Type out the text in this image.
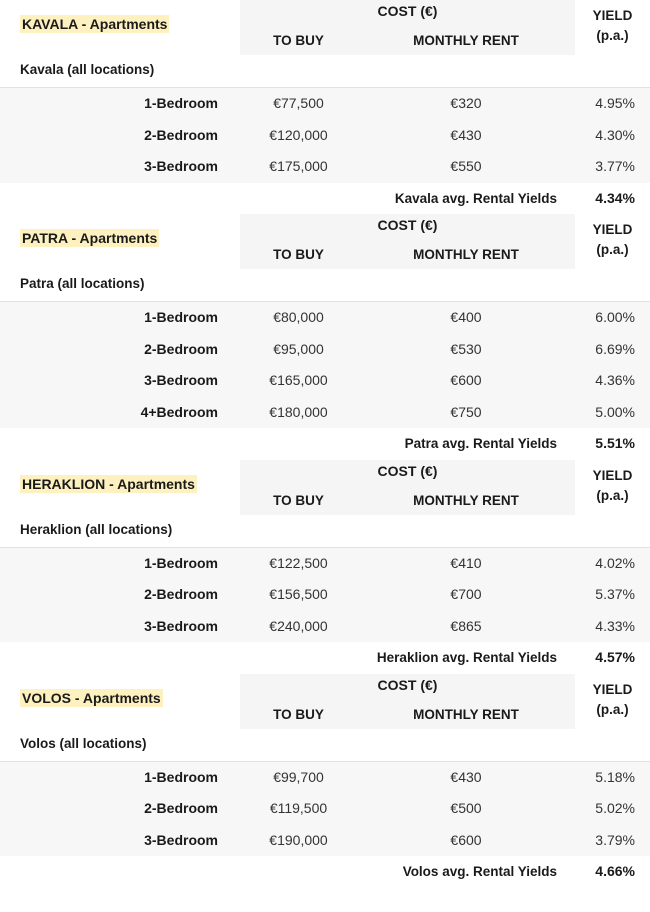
KAVALA - Apartments
COST (€)
TO BUY	MONTHLY RENT
YIELD
(p.a.)
Kavala (all locations)
1-Bedroom	€77,500	€320	4.95%
2-Bedroom	€120,000	€430	4.30%
3-Bedroom	€175,000	€550	3.77%
Kavala avg. Rental Yields	4.34%
PATRA - Apartments
COST (€)
TO BUY	MONTHLY RENT
YIELD
(p.a.)
Patra (all locations)
1-Bedroom	€80,000	€400	6.00%
2-Bedroom	€95,000	€530	6.69%
3-Bedroom	€165,000	€600	4.36%
4+Bedroom	€180,000	€750	5.00%
Patra avg. Rental Yields	5.51%
HERAKLION - Apartments
COST (€)
TO BUY	MONTHLY RENT
YIELD
(p.a.)
Heraklion (all locations)
1-Bedroom	€122,500	€410	4.02%
2-Bedroom	€156,500	€700	5.37%
3-Bedroom	€240,000	€865	4.33%
Heraklion avg. Rental Yields	4.57%
VOLOS - Apartments
COST (€)
TO BUY	MONTHLY RENT
YIELD
(p.a.)
Volos (all locations)
1-Bedroom	€99,700	€430	5.18%
2-Bedroom	€119,500	€500	5.02%
3-Bedroom	€190,000	€600	3.79%
Volos avg. Rental Yields	4.66%
